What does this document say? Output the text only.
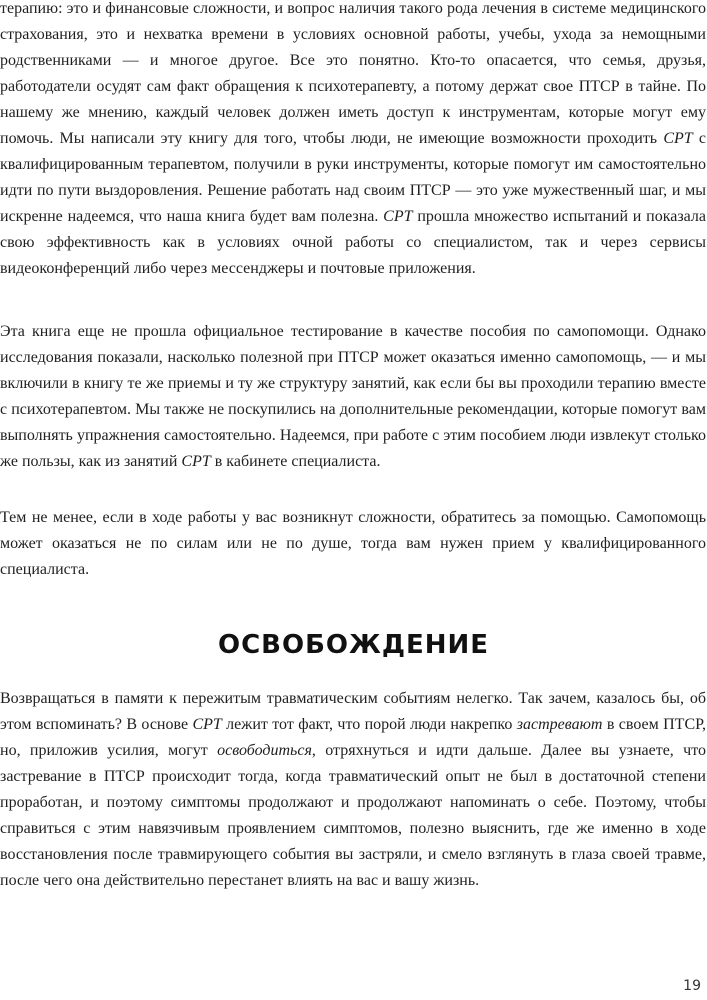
терапию: это и финансовые сложности, и вопрос наличия такого рода лечения в системе медицинского страхования, это и нехватка времени в условиях основной работы, учебы, ухода за немощными родственниками — и многое другое. Все это понятно. Кто-то опасается, что семья, друзья, работодатели осудят сам факт обращения к психотерапевту, а потому держат свое ПТСР в тайне. По нашему же мнению, каждый человек должен иметь доступ к инструментам, которые могут ему помочь. Мы написали эту книгу для того, чтобы люди, не имеющие возможности проходить CPT с квалифицированным терапевтом, получили в руки инструменты, которые помогут им самостоятельно идти по пути выздоровления. Решение работать над своим ПТСР — это уже мужественный шаг, и мы искренне надеемся, что наша книга будет вам полезна. CPT прошла множество испытаний и показала свою эффективность как в условиях очной работы со специалистом, так и через сервисы видеоконференций либо через мессенджеры и почтовые приложения.

Эта книга еще не прошла официальное тестирование в качестве пособия по самопомощи. Однако исследования показали, насколько полезной при ПТСР может оказаться именно самопомощь, — и мы включили в книгу те же приемы и ту же структуру занятий, как если бы вы проходили терапию вместе с психотерапевтом. Мы также не поскупились на дополнительные рекомендации, которые помогут вам выполнять упражнения самостоятельно. Надеемся, при работе с этим пособием люди извлекут столько же пользы, как из занятий CPT в кабинете специалиста.

Тем не менее, если в ходе работы у вас возникнут сложности, обратитесь за помощью. Самопомощь может оказаться не по силам или не по душе, тогда вам нужен прием у квалифицированного специалиста.

ОСВОБОЖДЕНИЕ

Возвращаться в памяти к пережитым травматическим событиям нелегко. Так зачем, казалось бы, об этом вспоминать? В основе CPT лежит тот факт, что порой люди накрепко застревают в своем ПТСР, но, приложив усилия, могут освободиться, отряхнуться и идти дальше. Далее вы узнаете, что застревание в ПТСР происходит тогда, когда травматический опыт не был в достаточной степени проработан, и поэтому симптомы продолжают и продолжают напоминать о себе. Поэтому, чтобы справиться с этим навязчивым проявлением симптомов, полезно выяснить, где же именно в ходе восстановления после травмирующего события вы застряли, и смело взглянуть в глаза своей травме, после чего она действительно перестанет влиять на вас и вашу жизнь.

19
